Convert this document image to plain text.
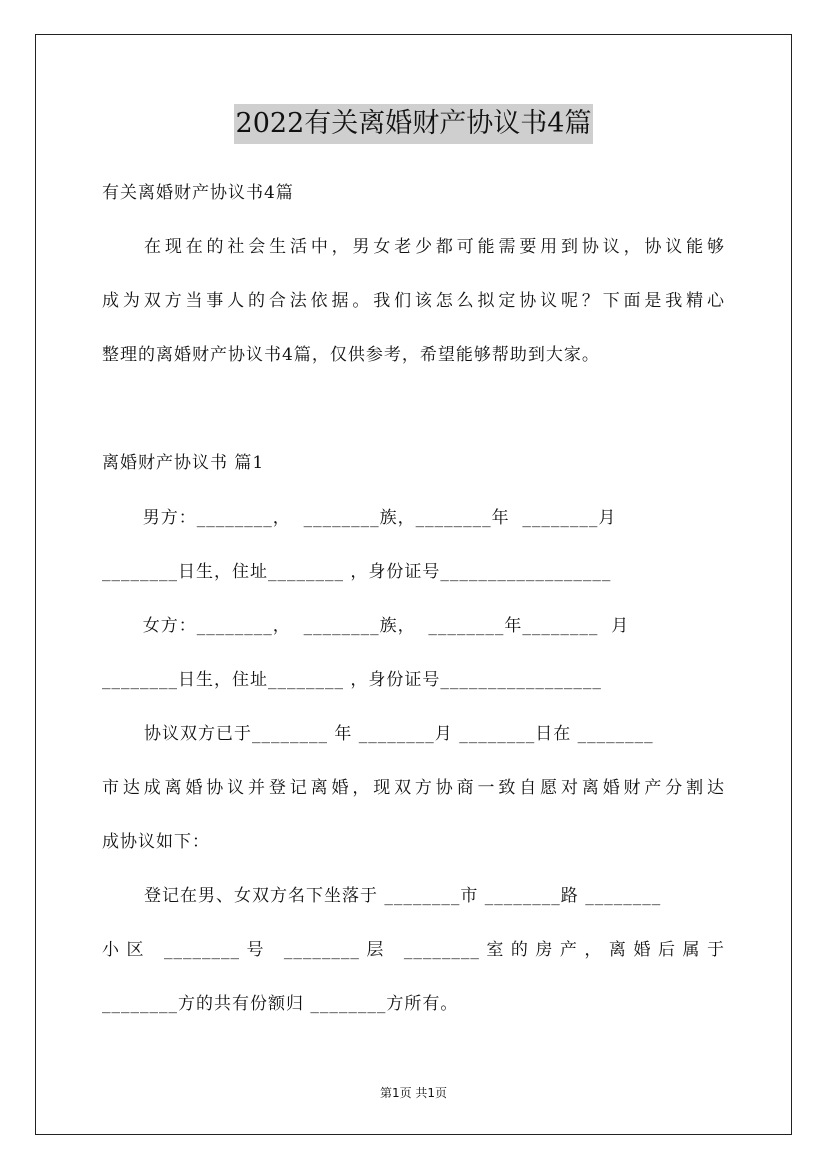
2022有关离婚财产协议书4篇
有关离婚财产协议书4篇
在现在的社会生活中，男女老少都可能需要用到协议，协议能够
成为双方当事人的合法依据。我们该怎么拟定协议呢？下面是我精心
整理的离婚财产协议书4篇，仅供参考，希望能够帮助到大家。
离婚财产协议书 篇1
男方：________，  ________族，________年  ________月
________日生，住址________ ，身份证号__________________
女方：________，  ________族，  ________年________  月
________日生，住址________ ，身份证号_________________
协议双方已于________ 年 ________月 ________日在 ________
市达成离婚协议并登记离婚，现双方协商一致自愿对离婚财产分割达
成协议如下：
登记在男、女双方名下坐落于 ________市 ________路 ________
小区 ________号 ________层 ________室的房产，离婚后属于
________方的共有份额归 ________方所有。
第1页 共1页
